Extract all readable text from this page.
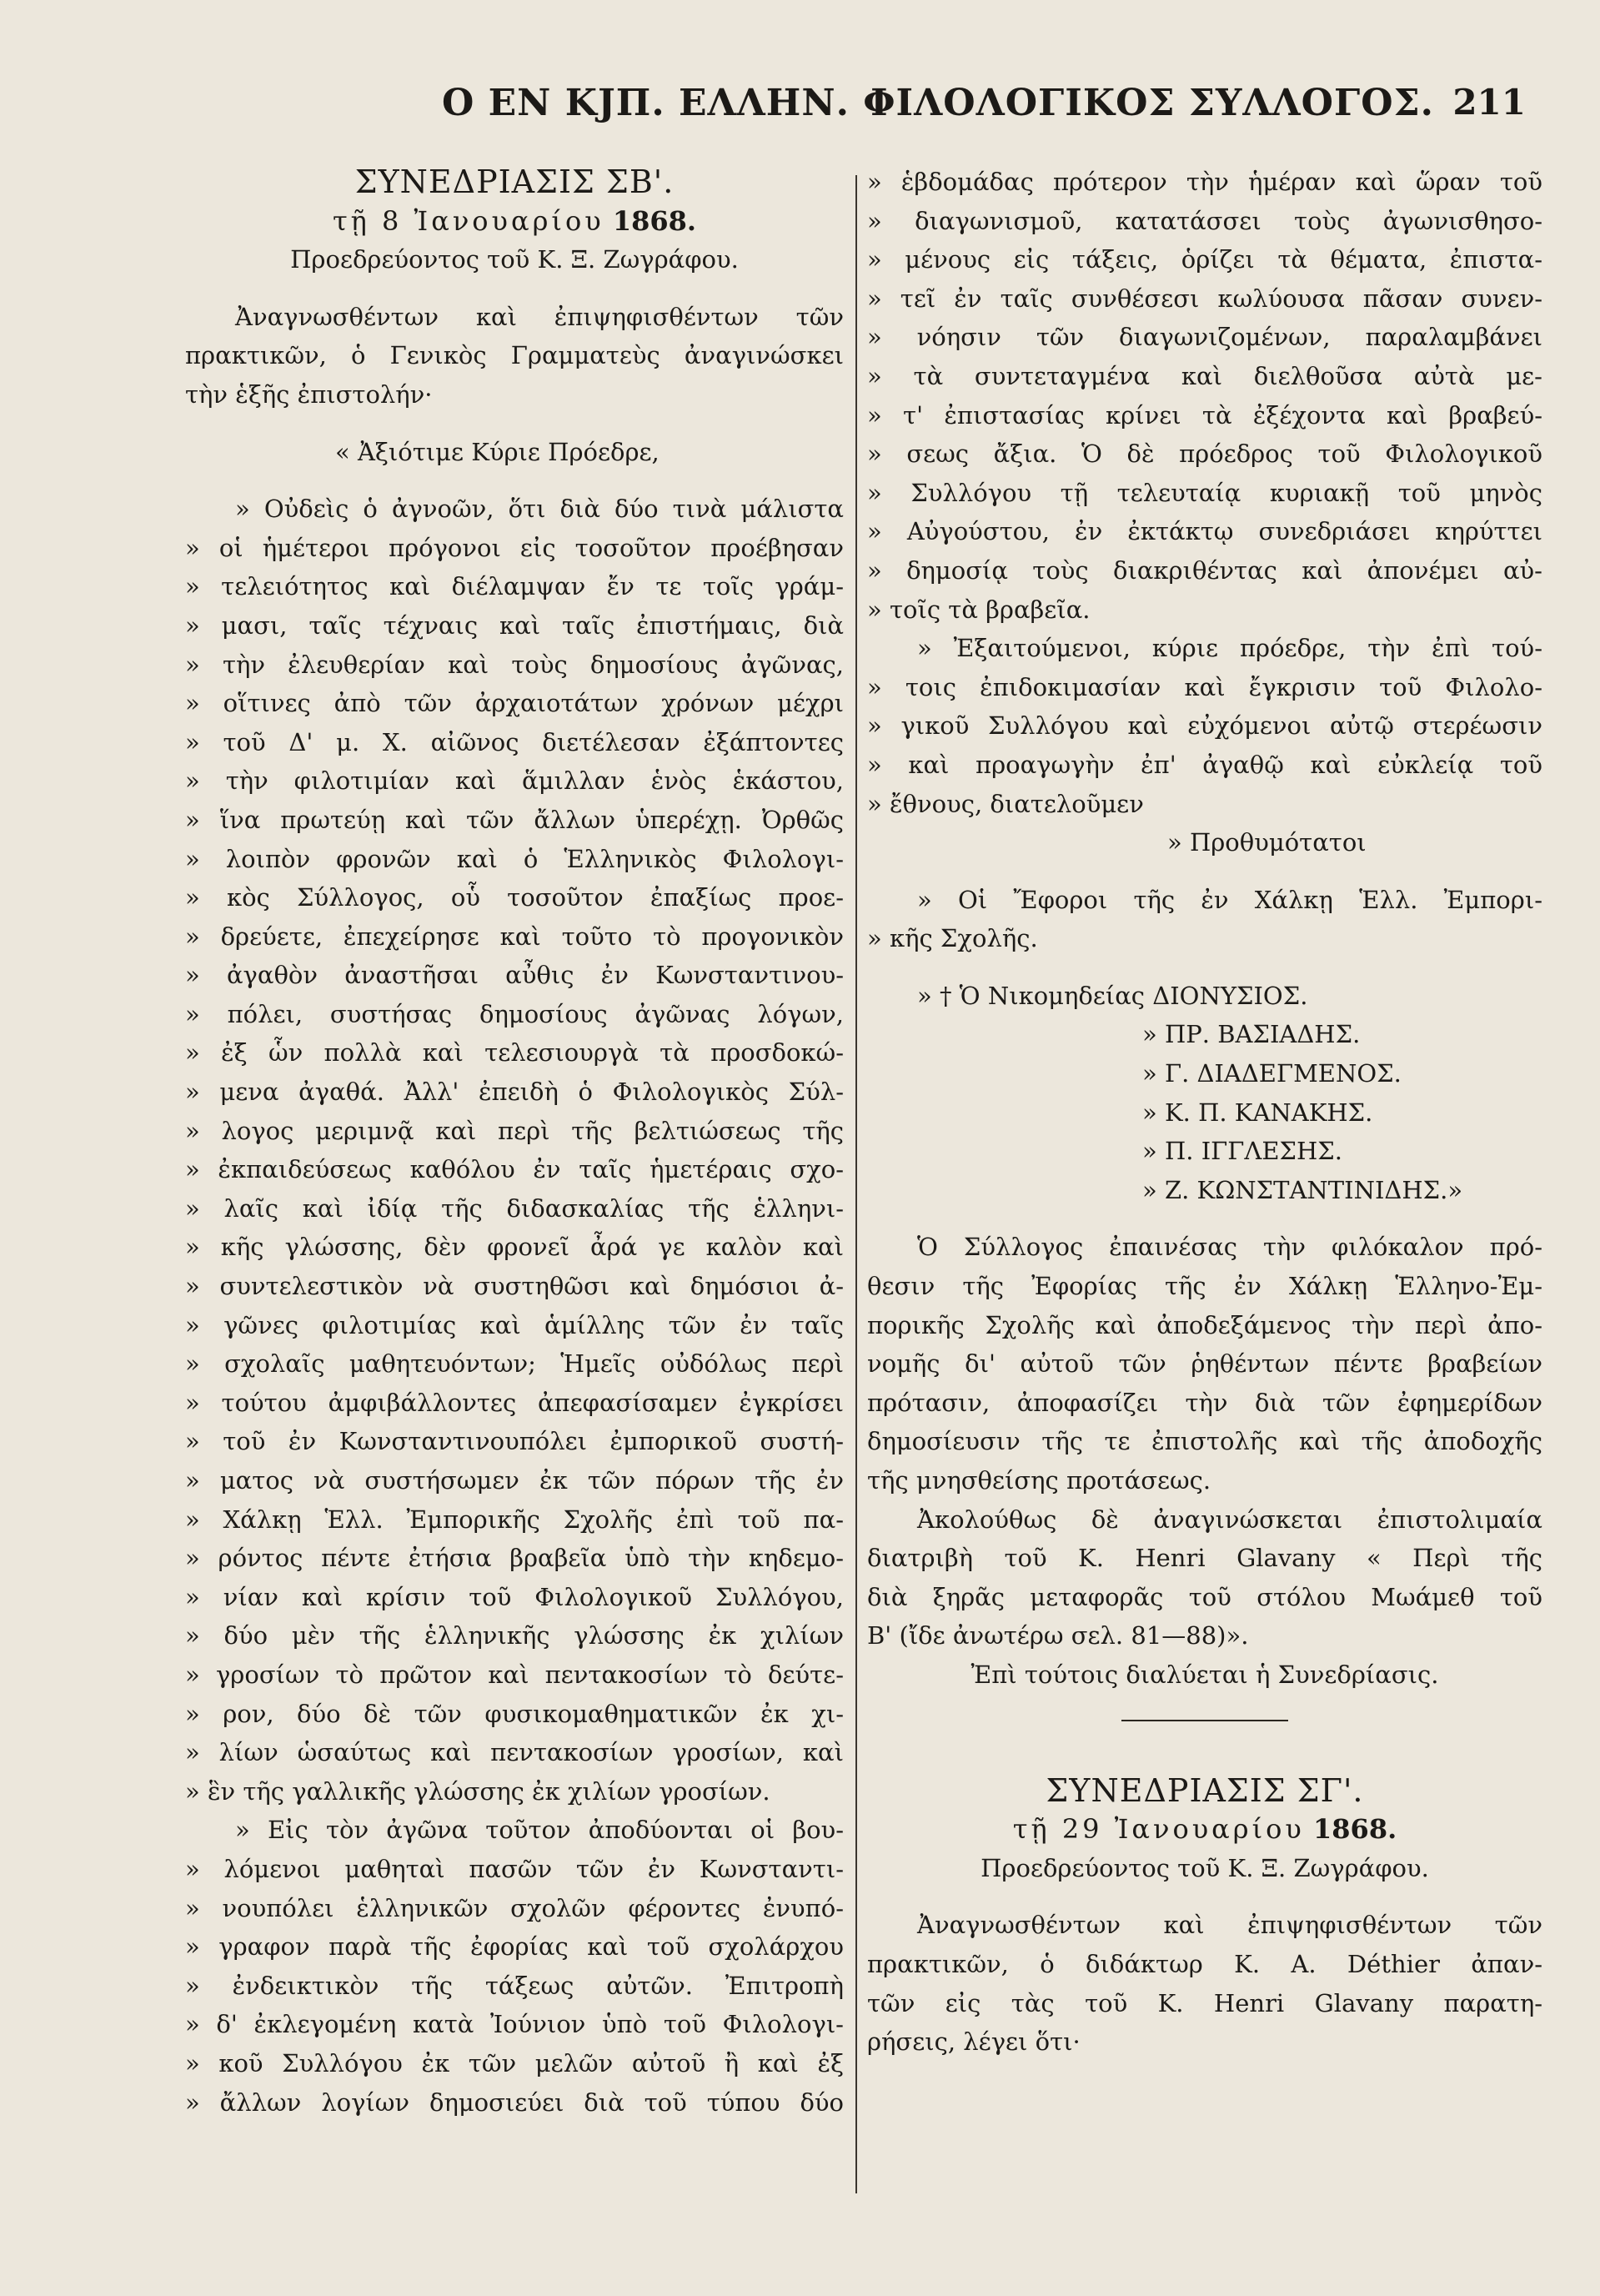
Ο ΕΝ ΚJΠ. ΕΛΛΗΝ. ΦΙΛΟΛΟΓΙΚΟΣ ΣΥΛΛΟΓΟΣ. 211
ΣΥΝΕΔΡΙΑΣΙΣ ΣΒ'.
τῇ 8 Ἰανουαρίου 1868.
Προεδρεύοντος τοῦ Κ. Ξ. Ζωγράφου.
Ἀναγνωσθέντων καὶ ἐπιψηφισθέντων τῶν
πρακτικῶν, ὁ Γενικὸς Γραμματεὺς ἀναγινώσκει
τὴν ἑξῆς ἐπιστολήν·
« Ἀξιότιμε Κύριε Πρόεδρε,
» Οὐδεὶς ὁ ἀγνοῶν, ὅτι διὰ δύο τινὰ μάλιστα
» οἱ ἡμέτεροι πρόγονοι εἰς τοσοῦτον προέβησαν
» τελειότητος καὶ διέλαμψαν ἔν τε τοῖς γράμ-
» μασι, ταῖς τέχναις καὶ ταῖς ἐπιστήμαις, διὰ
» τὴν ἐλευθερίαν καὶ τοὺς δημοσίους ἀγῶνας,
» οἵτινες ἀπὸ τῶν ἀρχαιοτάτων χρόνων μέχρι
» τοῦ Δ' μ. Χ. αἰῶνος διετέλεσαν ἐξάπτοντες
» τὴν φιλοτιμίαν καὶ ἅμιλλαν ἑνὸς ἑκάστου,
» ἵνα πρωτεύῃ καὶ τῶν ἄλλων ὑπερέχῃ. Ὀρθῶς
» λοιπὸν φρονῶν καὶ ὁ Ἑλληνικὸς Φιλολογι-
» κὸς Σύλλογος, οὗ τοσοῦτον ἐπαξίως προε-
» δρεύετε, ἐπεχείρησε καὶ τοῦτο τὸ προγονικὸν
» ἀγαθὸν ἀναστῆσαι αὖθις ἐν Κωνσταντινου-
» πόλει, συστήσας δημοσίους ἀγῶνας λόγων,
» ἐξ ὧν πολλὰ καὶ τελεσιουργὰ τὰ προσδοκώ-
» μενα ἀγαθά. Ἀλλ' ἐπειδὴ ὁ Φιλολογικὸς Σύλ-
» λογος μεριμνᾷ καὶ περὶ τῆς βελτιώσεως τῆς
» ἐκπαιδεύσεως καθόλου ἐν ταῖς ἡμετέραις σχο-
» λαῖς καὶ ἰδίᾳ τῆς διδασκαλίας τῆς ἑλληνι-
» κῆς γλώσσης, δὲν φρονεῖ ἆρά γε καλὸν καὶ
» συντελεστικὸν νὰ συστηθῶσι καὶ δημόσιοι ἀ-
» γῶνες φιλοτιμίας καὶ ἁμίλλης τῶν ἐν ταῖς
» σχολαῖς μαθητευόντων; Ἡμεῖς οὐδόλως περὶ
» τούτου ἀμφιβάλλοντες ἀπεφασίσαμεν ἐγκρίσει
» τοῦ ἐν Κωνσταντινουπόλει ἐμπορικοῦ συστή-
» ματος νὰ συστήσωμεν ἐκ τῶν πόρων τῆς ἐν
» Χάλκῃ Ἑλλ. Ἐμπορικῆς Σχολῆς ἐπὶ τοῦ πα-
» ρόντος πέντε ἐτήσια βραβεῖα ὑπὸ τὴν κηδεμο-
» νίαν καὶ κρίσιν τοῦ Φιλολογικοῦ Συλλόγου,
» δύο μὲν τῆς ἑλληνικῆς γλώσσης ἐκ χιλίων
» γροσίων τὸ πρῶτον καὶ πεντακοσίων τὸ δεύτε-
» ρον, δύο δὲ τῶν φυσικομαθηματικῶν ἐκ χι-
» λίων ὡσαύτως καὶ πεντακοσίων γροσίων, καὶ
» ἓν τῆς γαλλικῆς γλώσσης ἐκ χιλίων γροσίων.
» Εἰς τὸν ἀγῶνα τοῦτον ἀποδύονται οἱ βου-
» λόμενοι μαθηταὶ πασῶν τῶν ἐν Κωνσταντι-
» νουπόλει ἑλληνικῶν σχολῶν φέροντες ἐνυπό-
» γραφον παρὰ τῆς ἐφορίας καὶ τοῦ σχολάρχου
» ἐνδεικτικὸν τῆς τάξεως αὐτῶν. Ἐπιτροπὴ
» δ' ἐκλεγομένη κατὰ Ἰούνιον ὑπὸ τοῦ Φιλολογι-
» κοῦ Συλλόγου ἐκ τῶν μελῶν αὐτοῦ ἢ καὶ ἐξ
» ἄλλων λογίων δημοσιεύει διὰ τοῦ τύπου δύο
» ἑβδομάδας πρότερον τὴν ἡμέραν καὶ ὥραν τοῦ
» διαγωνισμοῦ, κατατάσσει τοὺς ἀγωνισθησο-
» μένους εἰς τάξεις, ὁρίζει τὰ θέματα, ἐπιστα-
» τεῖ ἐν ταῖς συνθέσεσι κωλύουσα πᾶσαν συνεν-
» νόησιν τῶν διαγωνιζομένων, παραλαμβάνει
» τὰ συντεταγμένα καὶ διελθοῦσα αὐτὰ με-
» τ' ἐπιστασίας κρίνει τὰ ἐξέχοντα καὶ βραβεύ-
» σεως ἄξια. Ὁ δὲ πρόεδρος τοῦ Φιλολογικοῦ
» Συλλόγου τῇ τελευταίᾳ κυριακῇ τοῦ μηνὸς
» Αὐγούστου, ἐν ἐκτάκτῳ συνεδριάσει κηρύττει
» δημοσίᾳ τοὺς διακριθέντας καὶ ἀπονέμει αὐ-
» τοῖς τὰ βραβεῖα.
» Ἐξαιτούμενοι, κύριε πρόεδρε, τὴν ἐπὶ τού-
» τοις ἐπιδοκιμασίαν καὶ ἔγκρισιν τοῦ Φιλολο-
» γικοῦ Συλλόγου καὶ εὐχόμενοι αὐτῷ στερέωσιν
» καὶ προαγωγὴν ἐπ' ἀγαθῷ καὶ εὐκλείᾳ τοῦ
» ἔθνους, διατελοῦμεν
» Προθυμότατοι
» Οἱ Ἔφοροι τῆς ἐν Χάλκῃ Ἑλλ. Ἐμπορι-
» κῆς Σχολῆς.
» † Ὁ Νικομηδείας ΔΙΟΝΥΣΙΟΣ.
» ΠΡ. ΒΑΣΙΑΔΗΣ.
» Γ. ΔΙΑΔΕΓΜΕΝΟΣ.
» Κ. Π. ΚΑΝΑΚΗΣ.
» Π. ΙΓΓΛΕΣΗΣ.
» Ζ. ΚΩΝΣΤΑΝΤΙΝΙΔΗΣ.»
Ὁ Σύλλογος ἐπαινέσας τὴν φιλόκαλον πρό-
θεσιν τῆς Ἐφορίας τῆς ἐν Χάλκῃ Ἑλληνο-Ἐμ-
πορικῆς Σχολῆς καὶ ἀποδεξάμενος τὴν περὶ ἀπο-
νομῆς δι' αὐτοῦ τῶν ῥηθέντων πέντε βραβείων
πρότασιν, ἀποφασίζει τὴν διὰ τῶν ἐφημερίδων
δημοσίευσιν τῆς τε ἐπιστολῆς καὶ τῆς ἀποδοχῆς
τῆς μνησθείσης προτάσεως.
Ἀκολούθως δὲ ἀναγινώσκεται ἐπιστολιμαία
διατριβὴ τοῦ Κ. Henri Glavany « Περὶ τῆς
διὰ ξηρᾶς μεταφορᾶς τοῦ στόλου Μωάμεθ τοῦ
Β' (ἴδε ἀνωτέρω σελ. 81—88)».
Ἐπὶ τούτοις διαλύεται ἡ Συνεδρίασις.
ΣΥΝΕΔΡΙΑΣΙΣ ΣΓ'.
τῇ 29 Ἰανουαρίου 1868.
Προεδρεύοντος τοῦ Κ. Ξ. Ζωγράφου.
Ἀναγνωσθέντων καὶ ἐπιψηφισθέντων τῶν
πρακτικῶν, ὁ διδάκτωρ Κ. Α. Déthier ἀπαν-
τῶν εἰς τὰς τοῦ Κ. Henri Glavany παρατη-
ρήσεις, λέγει ὅτι·
